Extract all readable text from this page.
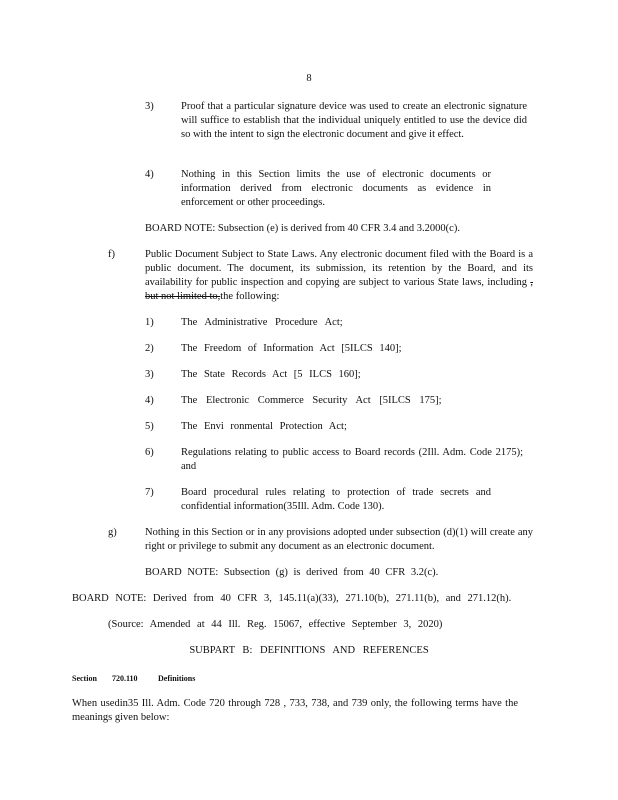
8
3)	Proof that a particular signature device was used to create an electronic signature will suffice to establish that the individual uniquely entitled to use the device did so with the intent to sign the electronic document and give it effect.
4)	Nothing in this Section limits the use of electronic documents or information derived from electronic documents as evidence in enforcement or other proceedings.
BOARD NOTE: Subsection (e) is derived from 40 CFR 3.4 and 3.2000(c).
f)	Public Document Subject to State Laws. Any electronic document filed with the Board is a public document. The document, its submission, its retention by the Board, and its availability for public inspection and copying are subject to various State laws, including , but not limited to,the following:
1)	The Administrative Procedure Act;
2)	The Freedom of Information Act [5ILCS 140];
3)	The State Records Act [5 ILCS 160];
4)	The Electronic Commerce Security Act [5ILCS 175];
5)	The Envi ronmental Protection Act;
6)	Regulations relating to public access to Board records (2Ill. Adm. Code 2175); and
7)	Board procedural rules relating to protection of trade secrets and confidential information(35Ill. Adm. Code 130).
g)	Nothing in this Section or in any provisions adopted under subsection (d)(1) will create any right or privilege to submit any document as an electronic document.
BOARD NOTE: Subsection (g) is derived from 40 CFR 3.2(c).
BOARD NOTE: Derived from 40 CFR 3, 145.11(a)(33), 271.10(b), 271.11(b), and 271.12(h).
(Source: Amended at 44 Ill. Reg. 15067, effective September 3, 2020)
SUBPART B: DEFINITIONS AND REFERENCES
Section 720.110	Definitions
When usedin35 Ill. Adm. Code 720 through 728 , 733, 738, and 739 only, the following terms have the meanings given below:
